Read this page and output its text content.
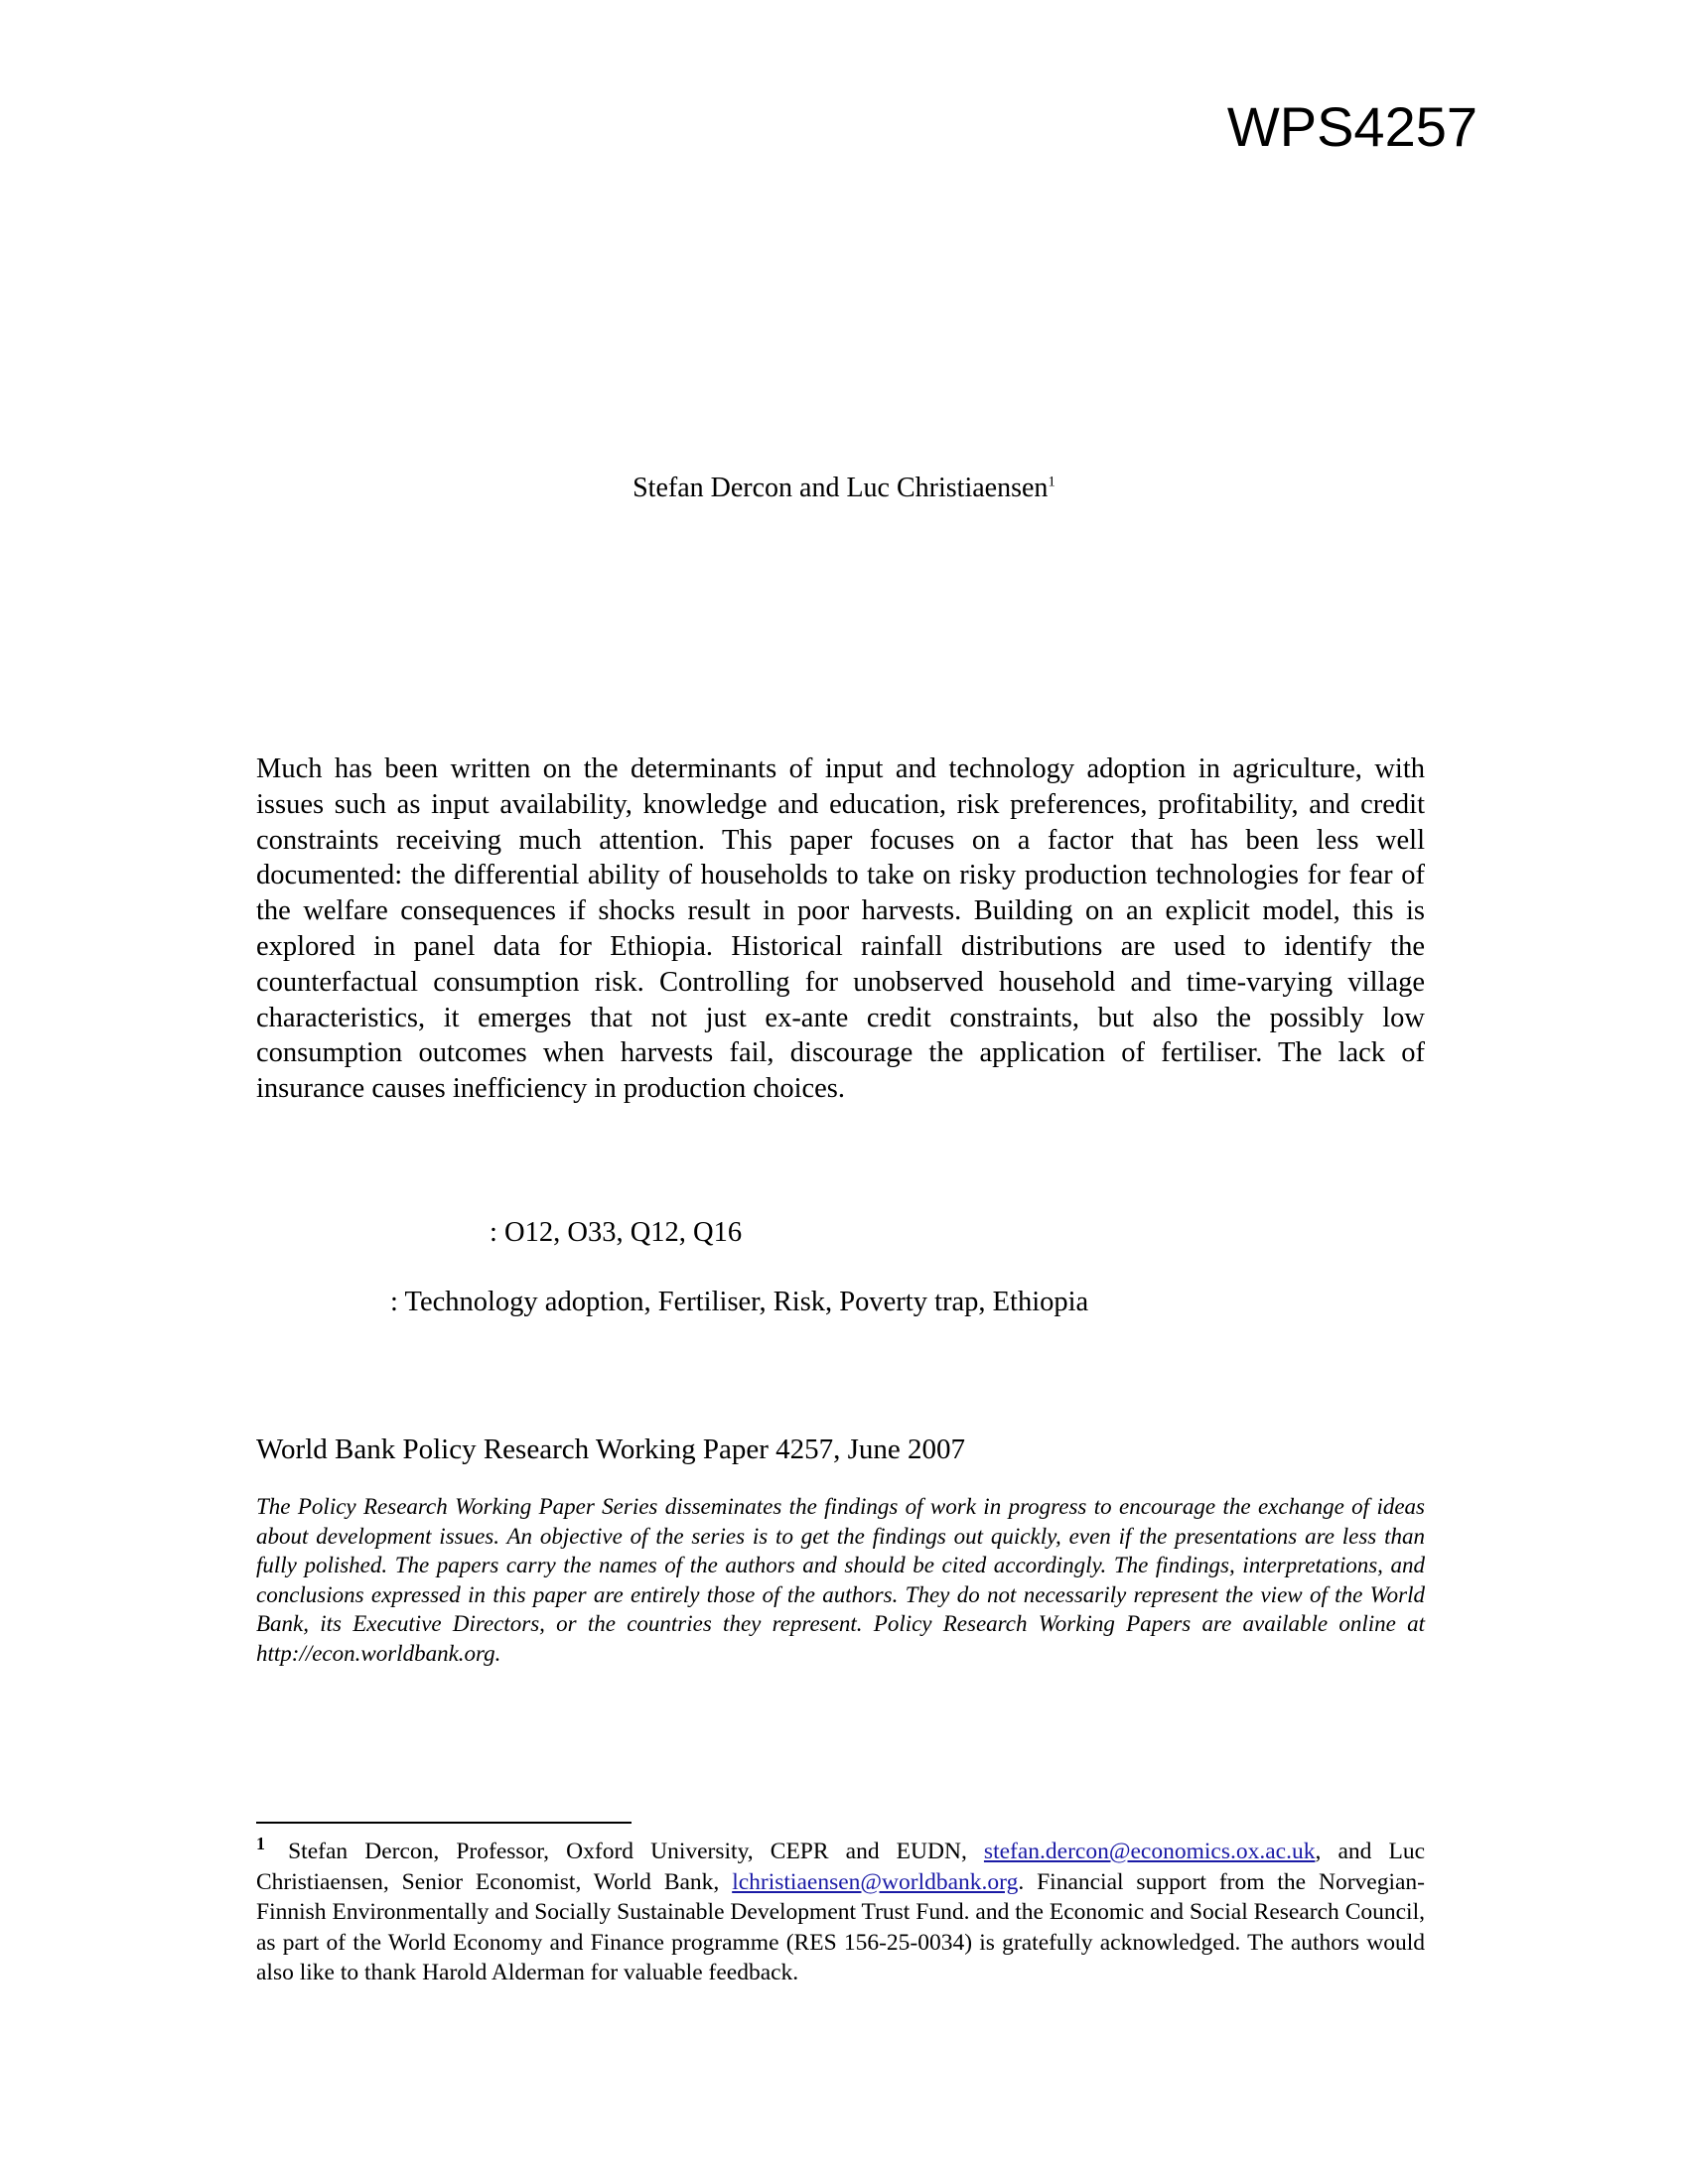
WPS4257
Stefan Dercon and Luc Christiaensen$^1$

Much has been written on the determinants of input and technology adoption in agriculture, with issues such as input availability, knowledge and education, risk preferences, profitability, and credit constraints receiving much attention. This paper focuses on a factor that has been less well documented: the differential ability of households to take on risky production technologies for fear of the welfare consequences if shocks result in poor harvests. Building on an explicit model, this is explored in panel data for Ethiopia. Historical rainfall distributions are used to identify the counterfactual consumption risk. Controlling for unobserved household and time-varying village characteristics, it emerges that not just ex-ante credit constraints, but also the possibly low consumption outcomes when harvests fail, discourage the application of fertiliser. The lack of insurance causes inefficiency in production choices.

: O12, O33, Q12, Q16
: Technology adoption, Fertiliser, Risk, Poverty trap, Ethiopia
World Bank Policy Research Working Paper 4257, June 2007

The Policy Research Working Paper Series disseminates the findings of work in progress to encourage the exchange of ideas about development issues. An objective of the series is to get the findings out quickly, even if the presentations are less than fully polished. The papers carry the names of the authors and should be cited accordingly. The findings, interpretations, and conclusions expressed in this paper are entirely those of the authors. They do not necessarily represent the view of the World Bank, its Executive Directors, or the countries they represent. Policy Research Working Papers are available online at http://econ.worldbank.org.

$^1$ Stefan Dercon, Professor, Oxford University, CEPR and EUDN, stefan.dercon@economics.ox.ac.uk, and Luc Christiaensen, Senior Economist, World Bank, lchristiaensen@worldbank.org. Financial support from the Norvegian-Finnish Environmentally and Socially Sustainable Development Trust Fund. and the Economic and Social Research Council, as part of the World Economy and Finance programme (RES 156-25-0034) is gratefully acknowledged. The authors would also like to thank Harold Alderman for valuable feedback.
